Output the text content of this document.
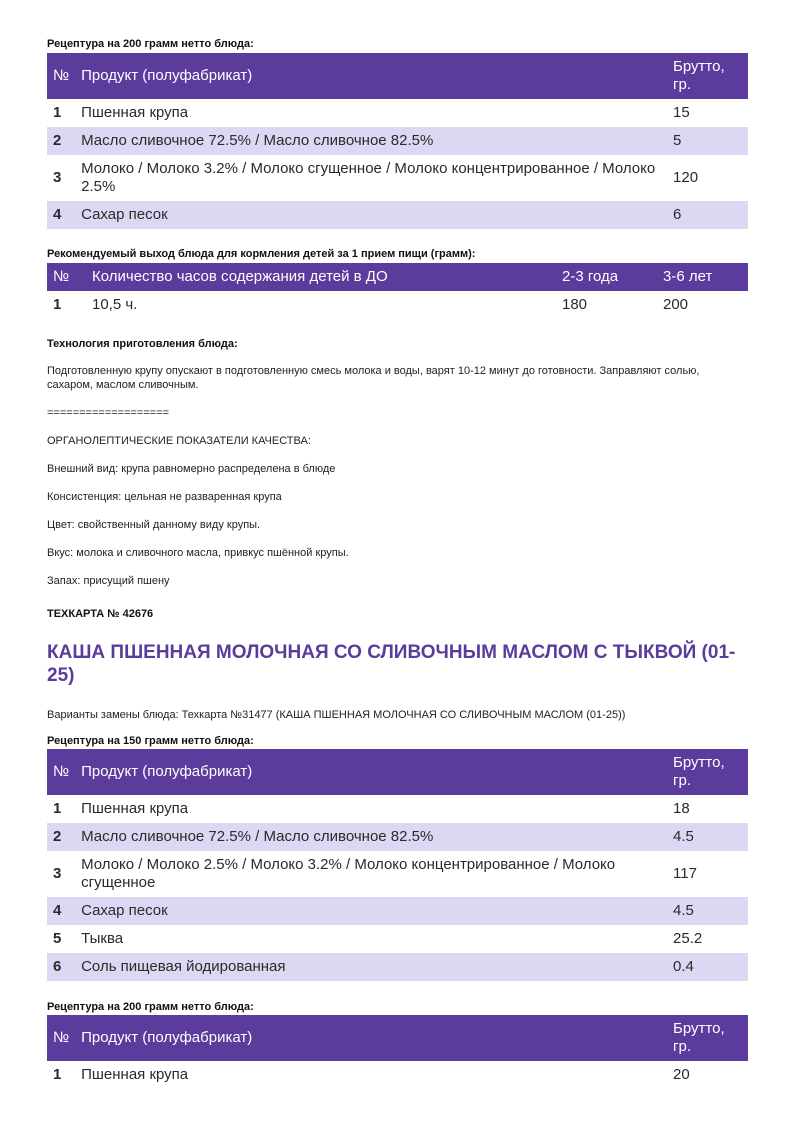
Рецептура на 200 грамм нетто блюда:

№	Продукт (полуфабрикат)	Брутто, гр.
1	Пшенная крупа	15
2	Масло сливочное 72.5% / Масло сливочное 82.5%	5
3	Молоко / Молоко 3.2% / Молоко сгущенное / Молоко концентрированное / Молоко 2.5%	120
4	Сахар песок	6

Рекомендуемый выход блюда для кормления детей за 1 прием пищи (грамм):

№	Количество часов содержания детей в ДО	2-3 года	3-6 лет
1	10,5 ч.	180	200

Технология приготовления блюда:

Подготовленную крупу опускают в подготовленную смесь молока и воды, варят 10-12 минут до готовности. Заправляют солью, сахаром, маслом сливочным.

===================

ОРГАНОЛЕПТИЧЕСКИЕ ПОКАЗАТЕЛИ КАЧЕСТВА:

Внешний вид: крупа равномерно распределена в блюде

Консистенция: цельная не разваренная крупа

Цвет: свойственный данному виду крупы.

Вкус: молока и сливочного масла, привкус пшённой крупы.

Запах: присущий пшену

ТЕХКАРТА № 42676

КАША ПШЕННАЯ МОЛОЧНАЯ СО СЛИВОЧНЫМ МАСЛОМ С ТЫКВОЙ (01-25)

Варианты замены блюда: Техкарта №31477 (КАША ПШЕННАЯ МОЛОЧНАЯ СО СЛИВОЧНЫМ МАСЛОМ (01-25))

Рецептура на 150 грамм нетто блюда:

№	Продукт (полуфабрикат)	Брутто, гр.
1	Пшенная крупа	18
2	Масло сливочное 72.5% / Масло сливочное 82.5%	4.5
3	Молоко / Молоко 2.5% / Молоко 3.2% / Молоко концентрированное / Молоко сгущенное	117
4	Сахар песок	4.5
5	Тыква	25.2
6	Соль пищевая йодированная	0.4

Рецептура на 200 грамм нетто блюда:

№	Продукт (полуфабрикат)	Брутто, гр.
1	Пшенная крупа	20
